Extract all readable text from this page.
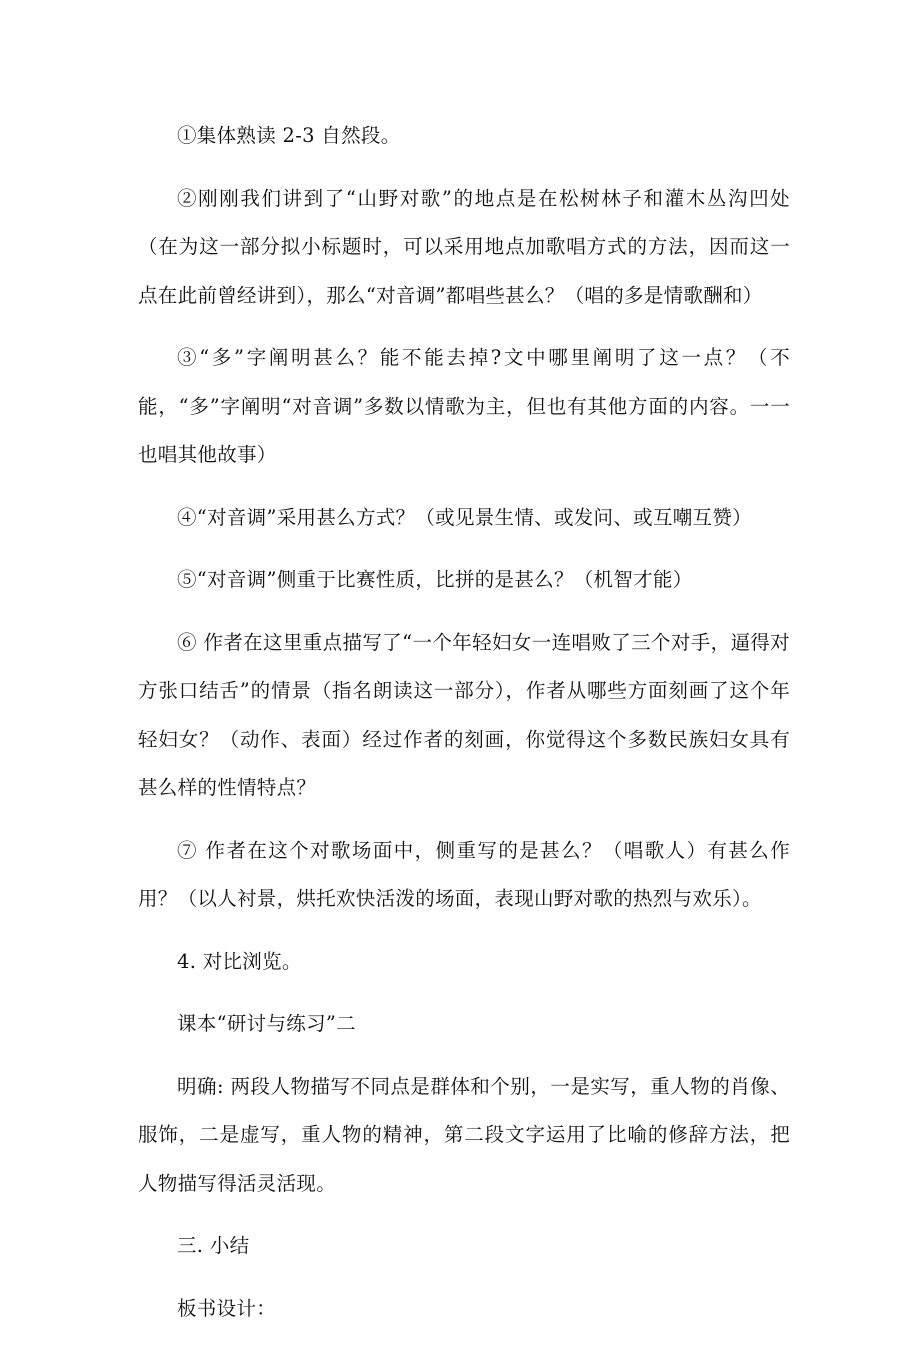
①集体熟读 2-3 自然段。

②刚刚我们讲到了“山野对歌”的地点是在松树林子和灌木丛沟凹处（在为这一部分拟小标题时，可以采用地点加歌唱方式的方法，因而这一点在此前曾经讲到），那么“对音调”都唱些甚么？（唱的多是情歌酬和）

③“多”字阐明甚么？能不能去掉?文中哪里阐明了这一点？（不能，“多”字阐明“对音调”多数以情歌为主，但也有其他方面的内容。一一也唱其他故事）

④“对音调”采用甚么方式？（或见景生情、或发问、或互嘲互赞）

⑤“对音调”侧重于比赛性质，比拼的是甚么？（机智才能）

⑥ 作者在这里重点描写了“一个年轻妇女一连唱败了三个对手，逼得对方张口结舌”的情景（指名朗读这一部分），作者从哪些方面刻画了这个年轻妇女？（动作、表面）经过作者的刻画，你觉得这个多数民族妇女具有甚么样的性情特点？

⑦ 作者在这个对歌场面中，侧重写的是甚么？（唱歌人）有甚么作用？（以人衬景，烘托欢快活泼的场面，表现山野对歌的热烈与欢乐）。

4. 对比浏览。

课本“研讨与练习”二

明确: 两段人物描写不同点是群体和个别，一是实写，重人物的肖像、服饰，二是虚写，重人物的精神，第二段文字运用了比喻的修辞方法，把人物描写得活灵活现。

三. 小结

板书设计：
